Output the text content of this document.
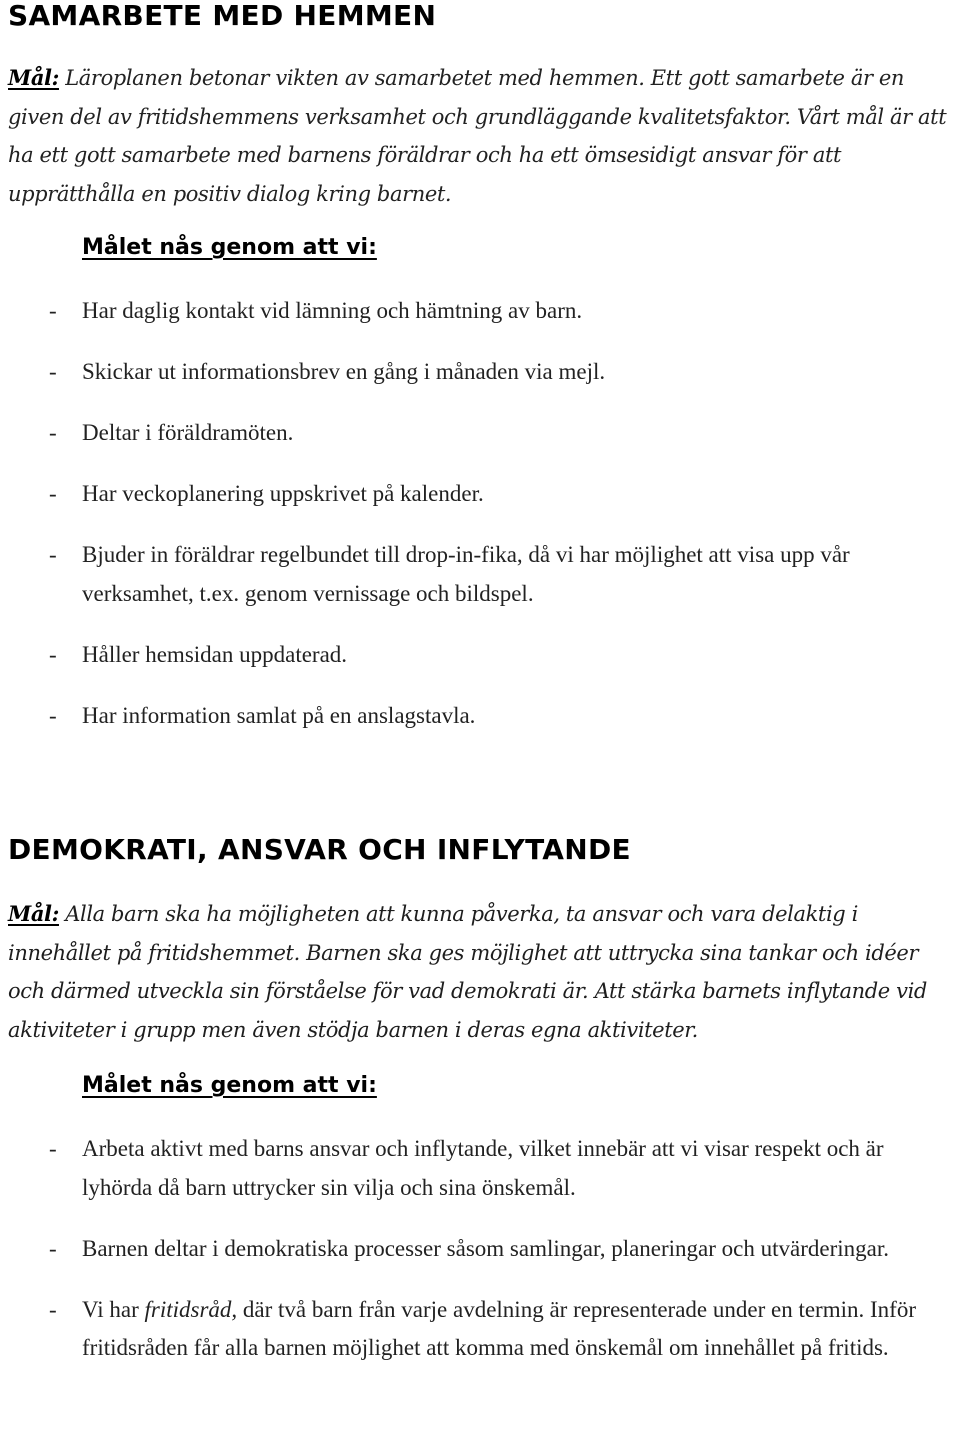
SAMARBETE MED HEMMEN

Mål: Läroplanen betonar vikten av samarbetet med hemmen. Ett gott samarbete är en given del av fritidshemmens verksamhet och grundläggande kvalitetsfaktor. Vårt mål är att ha ett gott samarbete med barnens föräldrar och ha ett ömsesidigt ansvar för att upprätthålla en positiv dialog kring barnet.

Målet nås genom att vi:
- Har daglig kontakt vid lämning och hämtning av barn.
- Skickar ut informationsbrev en gång i månaden via mejl.
- Deltar i föräldramöten.
- Har veckoplanering uppskrivet på kalender.
- Bjuder in föräldrar regelbundet till drop-in-fika, då vi har möjlighet att visa upp vår verksamhet, t.ex. genom vernissage och bildspel.
- Håller hemsidan uppdaterad.
- Har information samlat på en anslagstavla.
DEMOKRATI, ANSVAR OCH INFLYTANDE

Mål: Alla barn ska ha möjligheten att kunna påverka, ta ansvar och vara delaktig i innehållet på fritidshemmet. Barnen ska ges möjlighet att uttrycka sina tankar och idéer och därmed utveckla sin förståelse för vad demokrati är. Att stärka barnets inflytande vid aktiviteter i grupp men även stödja barnen i deras egna aktiviteter.

Målet nås genom att vi:
- Arbeta aktivt med barns ansvar och inflytande, vilket innebär att vi visar respekt och är lyhörda då barn uttrycker sin vilja och sina önskemål.
- Barnen deltar i demokratiska processer såsom samlingar, planeringar och utvärderingar.
- Vi har fritidsråd, där två barn från varje avdelning är representerade under en termin. Inför fritidsråden får alla barnen möjlighet att komma med önskemål om innehållet på fritids.
